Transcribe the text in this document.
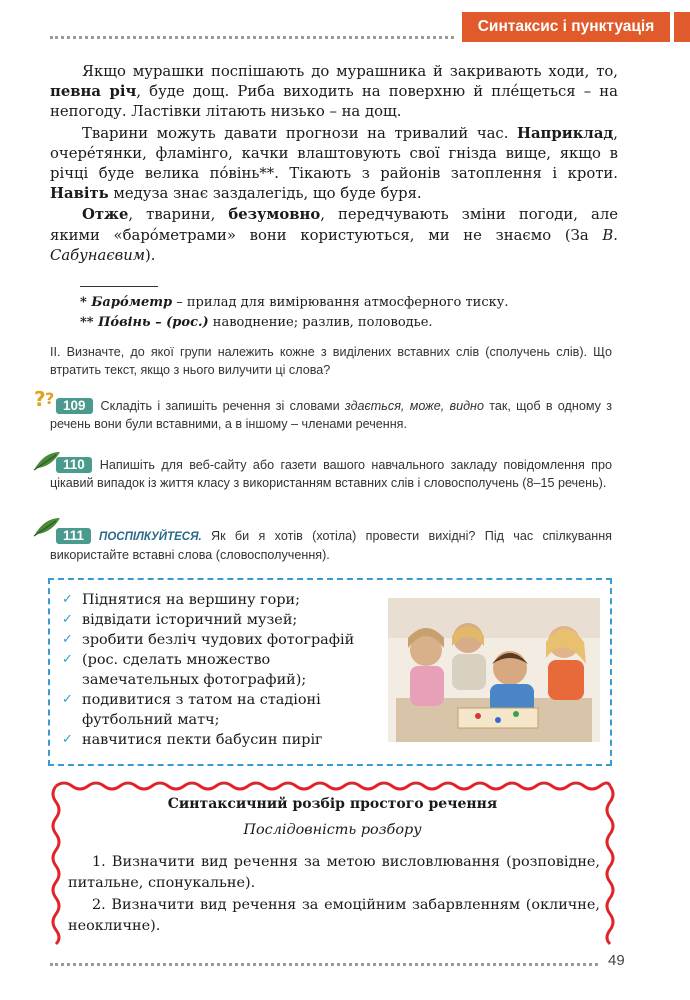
Синтаксис і пунктуація

Якщо мурашки поспішають до мурашника й закривають ходи, то, певна річ, буде дощ. Риба виходить на поверхню й плéщеться – на непогоду. Ластівки літають низько – на дощ.

Тварини можуть давати прогнози на тривалий час. Наприклад, очерéтянки, фламінго, качки влаштовують свої гнізда вище, якщо в річці буде велика пóвінь**. Тікають з районів затоплення і кроти. Навіть медуза знає заздалегідь, що буде буря.

Отже, тварини, безумовно, передчувають зміни погоди, але якими «барóметрами» вони користуються, ми не знаємо (За В. Сабунаєвим).

* Барóметр – прилад для вимірювання атмосферного тиску.
** Пóвінь – (рос.) наводнение; разлив, половодье.
ІІ. Визначте, до якої групи належить кожне з виділених вставних слів (сполучень слів). Що втратить текст, якщо з нього вилучити ці слова?
? ? 109 Складіть і запишіть речення зі словами здається, може, видно так, щоб в одному з речень вони були вставними, а в іншому – членами речення.
110 Напишіть для веб-сайту або газети вашого навчального закладу повідомлення про цікавий випадок із життя класу з використанням вставних слів і словосполучень (8–15 речень).
111 ПОСПІЛКУЙТЕСЯ. Як би я хотів (хотіла) провести вихідні? Під час спілкування використайте вставні слова (словосполучення).
✓ Піднятися на вершину гори;
✓ відвідати історичний музей;
✓ зробити безліч чудових фотографій
✓ (рос. сделать множество замечательных фотографий);
✓ подивитися з татом на стадіоні футбольний матч;
✓ навчитися пекти бабусин пиріг
Синтаксичний розбір простого речення
Послідовність розбору

1. Визначити вид речення за метою висловлювання (розповідне, питальне, спонукальне).

2. Визначити вид речення за емоційним забарвленням (окличне, неокличне).

49
